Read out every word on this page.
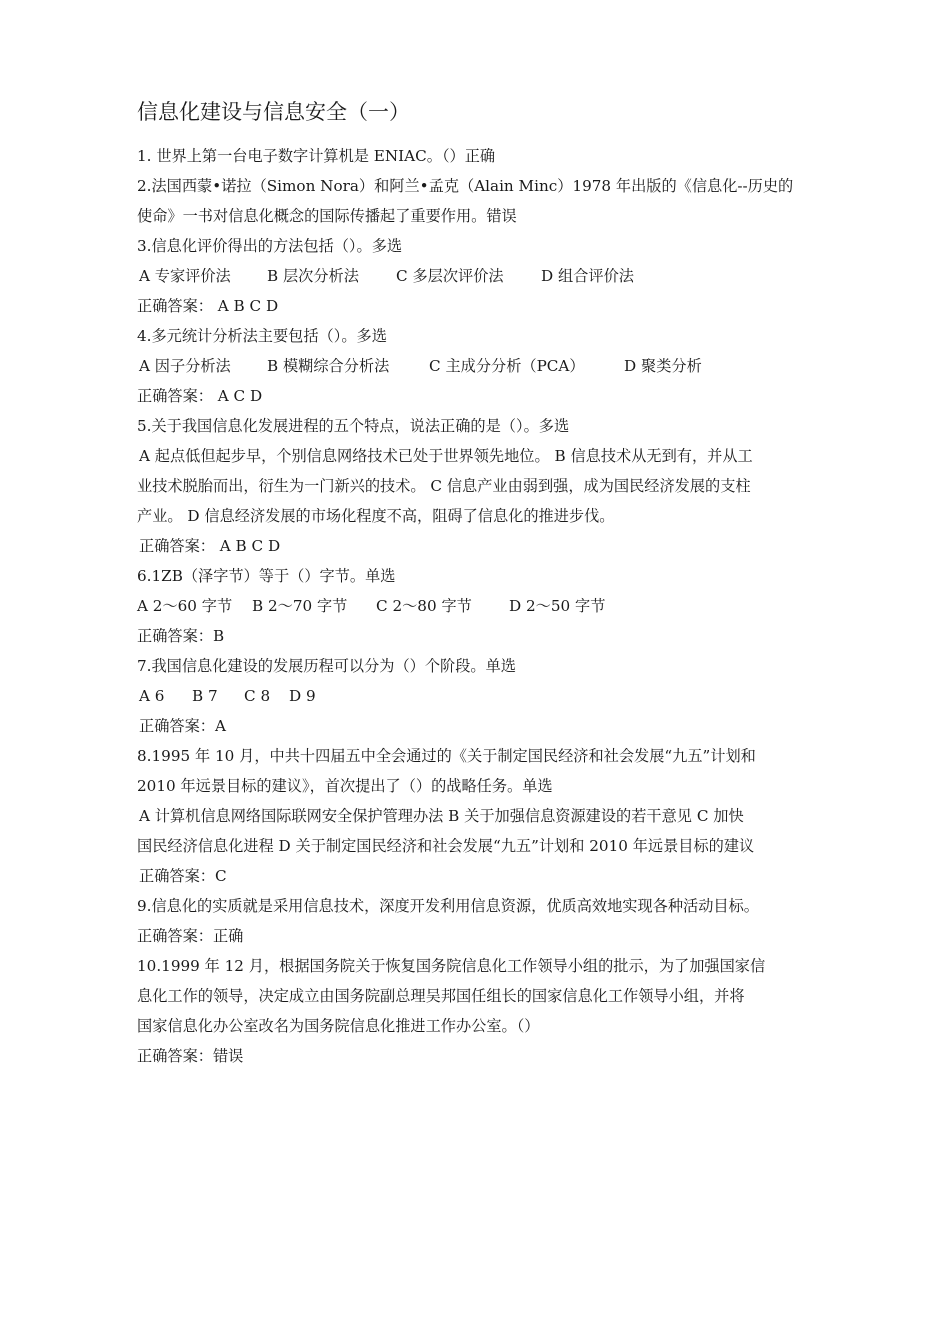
信息化建设与信息安全（一）
1. 世界上第一台电子数字计算机是 ENIAC。（）正确
2.法国西蒙•诺拉（Simon Nora）和阿兰•孟克（Alain Minc）1978 年出版的《信息化--历史的
使命》一书对信息化概念的国际传播起了重要作用。错误
3.信息化评价得出的方法包括（）。多选
A 专家评价法 B 层次分析法 C 多层次评价法 D 组合评价法
正确答案： A B C D
4.多元统计分析法主要包括（）。多选
A 因子分析法 B 模糊综合分析法	C 主成分分析（PCA）	D 聚类分析
正确答案： A C D
5.关于我国信息化发展进程的五个特点，说法正确的是（）。多选
A 起点低但起步早，个别信息网络技术已处于世界领先地位。 B 信息技术从无到有，并从工
业技术脱胎而出，衍生为一门新兴的技术。 C 信息产业由弱到强，成为国民经济发展的支柱
产业。 D 信息经济发展的市场化程度不高，阻碍了信息化的推进步伐。
正确答案： A B C D
6.1ZB（泽字节）等于（）字节。单选
A 2～60 字节 B 2～70 字节 C 2～80 字节 D 2～50 字节
正确答案：B
7.我国信息化建设的发展历程可以分为（）个阶段。单选
A 6 B 7 C 8 D 9
正确答案：A
8.1995 年 10 月，中共十四届五中全会通过的《关于制定国民经济和社会发展“九五”计划和
2010 年远景目标的建议》，首次提出了（）的战略任务。单选
A 计算机信息网络国际联网安全保护管理办法 B 关于加强信息资源建设的若干意见 C 加快
国民经济信息化进程 D 关于制定国民经济和社会发展“九五”计划和 2010 年远景目标的建议
正确答案：C
9.信息化的实质就是采用信息技术，深度开发利用信息资源，优质高效地实现各种活动目标。
正确答案：正确
10.1999 年 12 月，根据国务院关于恢复国务院信息化工作领导小组的批示，为了加强国家信
息化工作的领导，决定成立由国务院副总理吴邦国任组长的国家信息化工作领导小组，并将
国家信息化办公室改名为国务院信息化推进工作办公室。（）
正确答案：错误
